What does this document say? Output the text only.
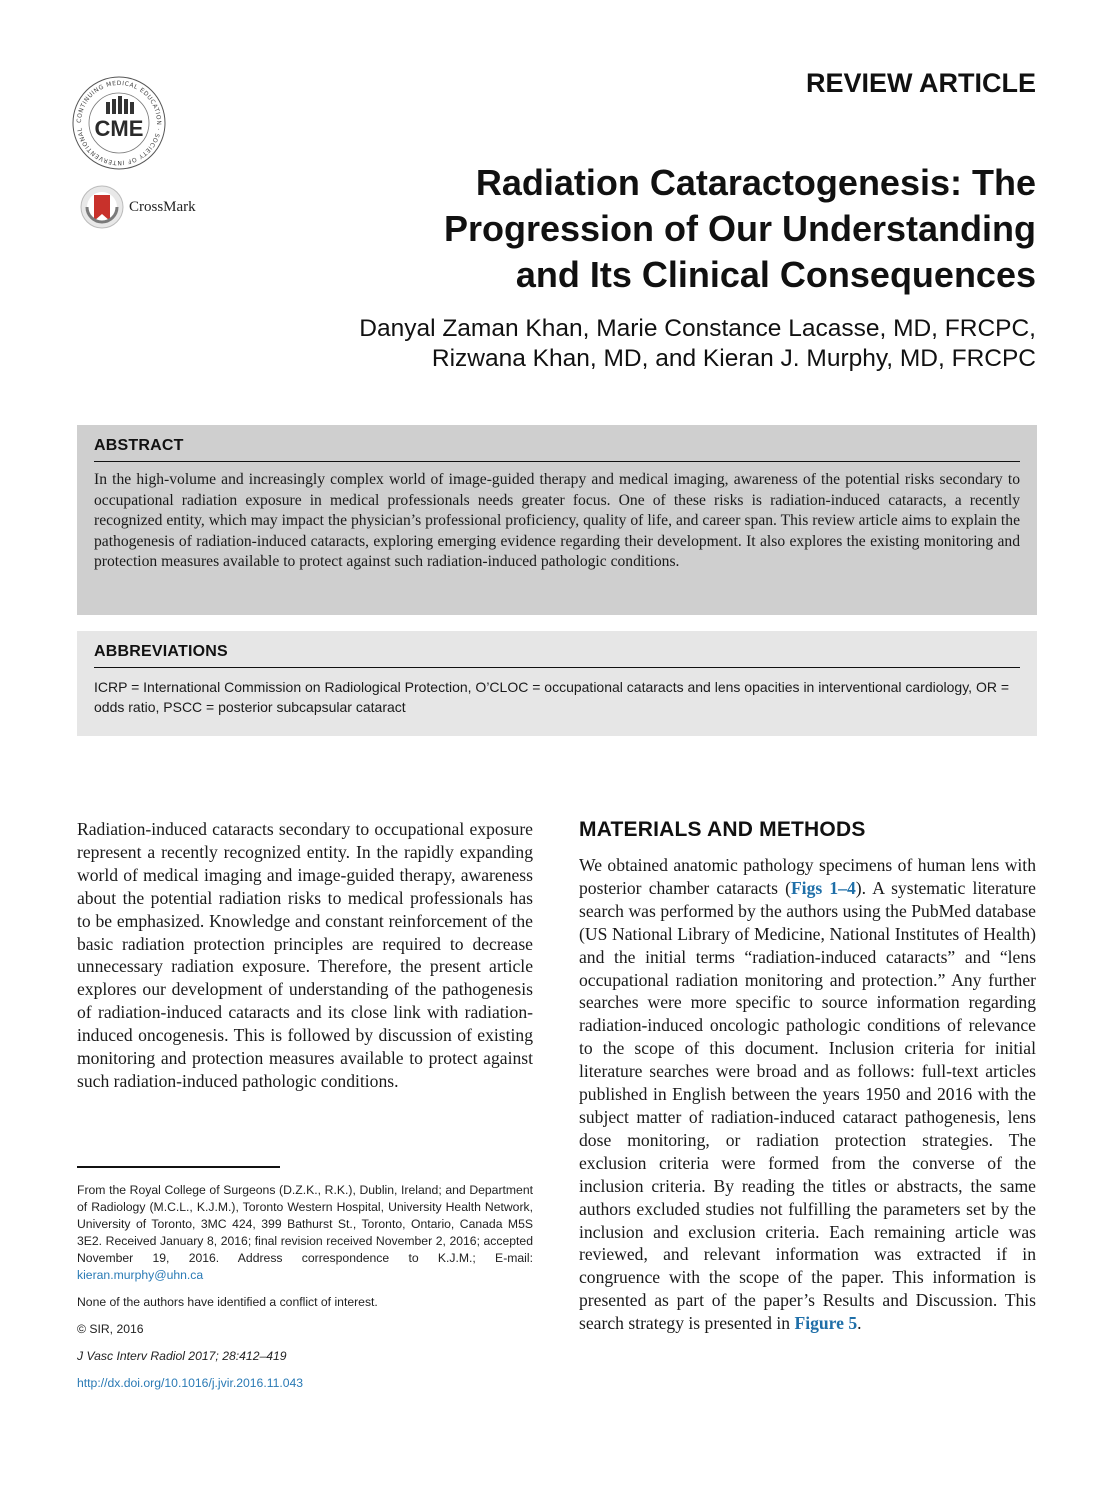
CONTINUING MEDICAL EDUCATION · SOCIETY OF INTERVENTIONAL CME
CrossMark
REVIEW ARTICLE
Radiation Cataractogenesis: The
Progression of Our Understanding
and Its Clinical Consequences
Danyal Zaman Khan, Marie Constance Lacasse, MD, FRCPC,
Rizwana Khan, MD, and Kieran J. Murphy, MD, FRCPC
ABSTRACT
In the high-volume and increasingly complex world of image-guided therapy and medical imaging, awareness of the potential risks secondary to occupational radiation exposure in medical professionals needs greater focus. One of these risks is radiation-induced cataracts, a recently recognized entity, which may impact the physician’s professional proficiency, quality of life, and career span. This review article aims to explain the pathogenesis of radiation-induced cataracts, exploring emerging evidence regarding their development. It also explores the existing monitoring and protection measures available to protect against such radiation-induced pathologic conditions.
ABBREVIATIONS
ICRP = International Commission on Radiological Protection, O’CLOC = occupational cataracts and lens opacities in interventional cardiology, OR = odds ratio, PSCC = posterior subcapsular cataract

Radiation-induced cataracts secondary to occupational exposure represent a recently recognized entity. In the rapidly expanding world of medical imaging and image-guided therapy, awareness about the potential radiation risks to medical professionals has to be emphasized. Knowledge and constant reinforcement of the basic radiation protection principles are required to decrease unnecessary radiation exposure. Therefore, the present article explores our development of understanding of the pathogenesis of radiation-induced cataracts and its close link with radiation-induced oncogenesis. This is followed by discussion of existing monitoring and protection measures available to protect against such radiation-induced pathologic conditions.

From the Royal College of Surgeons (D.Z.K., R.K.), Dublin, Ireland; and Department of Radiology (M.C.L., K.J.M.), Toronto Western Hospital, University Health Network, University of Toronto, 3MC 424, 399 Bathurst St., Toronto, Ontario, Canada M5S 3E2. Received January 8, 2016; final revision received November 2, 2016; accepted November 19, 2016. Address correspondence to K.J.M.; E-mail: kieran.murphy@uhn.ca

None of the authors have identified a conflict of interest.
© SIR, 2016
J Vasc Interv Radiol 2017; 28:412–419
http://dx.doi.org/10.1016/j.jvir.2016.11.043
MATERIALS AND METHODS

We obtained anatomic pathology specimens of human lens with posterior chamber cataracts (Figs 1–4). A systematic literature search was performed by the authors using the PubMed database (US National Library of Medicine, National Institutes of Health) and the initial terms “radiation-induced cataracts” and “lens occupational radiation monitoring and protection.” Any further searches were more specific to source information regarding radiation-induced oncologic pathologic conditions of relevance to the scope of this document. Inclusion criteria for initial literature searches were broad and as follows: full-text articles published in English between the years 1950 and 2016 with the subject matter of radiation-induced cataract pathogenesis, lens dose monitoring, or radiation protection strategies. The exclusion criteria were formed from the converse of the inclusion criteria. By reading the titles or abstracts, the same authors excluded studies not fulfilling the parameters set by the inclusion and exclusion criteria. Each remaining article was reviewed, and relevant information was extracted if in congruence with the scope of the paper. This information is presented as part of the paper’s Results and Discussion. This search strategy is presented in Figure 5.
